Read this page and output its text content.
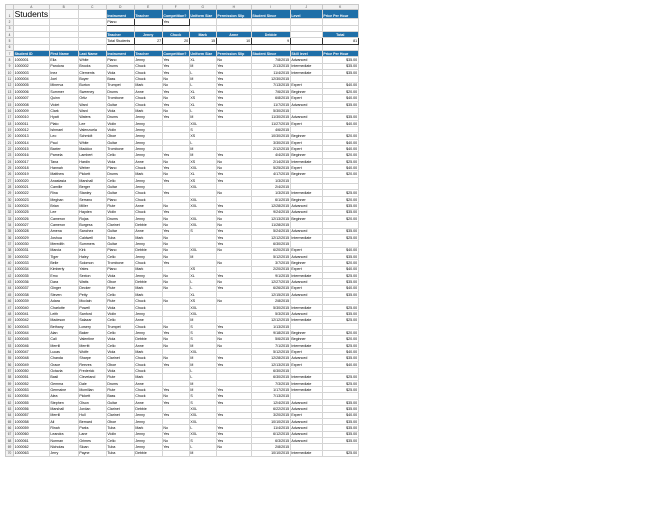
	A	B	C	D	E	F	G	H	I	J	K
1	Students			Instrument	Teacher	Competition?	Uniform Size	Permission Slip	Student Since	Level	Price Per Hour
2				Piano		Yes					
3											
4				Teacher	Jenny	Chuck	Mark	Anne	Debbie		Total
5				Total Students	27	20	15	10	9		81
6											
7	Student ID	First Name	Last Name	Instrument	Teacher	Competition?	Uniform Size	Permission Slip	Student Since	Skill level	Price Per Hour
8	1000001	Ella	White	Piano	Jenny	Yes	XL	No	7/8/2015	Advanced	$35.00
9	1000002	Pandora	Brooks	Drums	Chuck	Yes	M	Yes	2/13/2015	Intermediate	$35.00
10	1000003	Inez	Clements	Viola	Chuck	Yes	L	Yes	11/4/2015	Intermediate	$35.00
11	1000004	Joel	Boyer	Bass	Chuck	No	M	Yes	12/30/2015		
12	1000005	Minerva	Burton	Trumpet	Mark	No	L	Yes	7/13/2015	Expert	$40.00
13	1000006	Summer	Sweeney	Drums	Anne	Yes	XL	Yes	7/6/2015	Beginner	$20.00
14	1000007	Quinn	Ortiz	Trombone	Chuck	No	XS	Yes	6/8/2015	Expert	$40.00
15	1000008	Violet	Ward	Guitar	Chuck	Yes	XL	Yes	11/7/2015	Advanced	$35.00
16	1000009	Clark	Ward	Viola	Mark	No	L	Yes	5/30/2015		
17	1000010	Hyatt	Waters	Drums	Jenny	Yes	M	Yes	11/30/2015	Advanced	$35.00
18	1000011	Plato	Lee	Violin	Jenny		XXL		11/27/2015	Expert	$40.00
19	1000012	Ishmael	Valenzuela	Violin	Jenny		S		4/6/2015		
20	1000013	Leo	Schmidt	Oboe	Jenny		XS		10/30/2015	Beginner	$20.00
21	1000014	Paul	White	Guitar	Jenny		L		3/30/2015	Expert	$40.00
22	1000015	Baxter	Maddox	Trombone	Jenny		M		2/12/2015	Expert	$40.00
23	1000016	Pamela	Lambert	Cello	Jenny	Yes	M	Yes	4/4/2015	Beginner	$20.00
24	1000017	Tana	Hardin	Viola	Anne	No	XS	No	2/14/2015	Intermediate	$25.00
25	1000018	Hannah	Weber	Piano	Chuck	Yes	XXL	No	5/25/2015	Expert	$40.00
26	1000019	Matthew	Pickett	Drums	Mark	No	XL	Yes	4/17/2015	Beginner	$20.00
27	1000020	Anastasia	Marshall	Cello	Jenny	Yes	XS	Yes	1/3/2015		
28	1000021	Camille	Berger	Guitar	Jenny		XXL		2/4/2015		
29	1000022	Rina	Stanley	Guitar	Chuck	Yes		No	1/3/2015	Intermediate	$25.00
30	1000023	Meghan	Serrano	Piano	Chuck		XXL		6/1/2015	Beginner	$20.00
31	1000024	Brian	Miller	Flute	Anne	No	XXL	Yes	12/28/2015	Advanced	$35.00
32	1000025	Lee	Hayden	Violin	Chuck	Yes		Yes	9/24/2015	Advanced	$35.00
33	1000026	Cameron	Rojas	Drums	Jenny	No	XXL	No	12/13/2015	Beginner	$20.00
34	1000027	Cameron	Burgess	Clarinet	Debbie	No	XXL	No	11/28/2015		
35	1000028	Amena	Sanchez	Guitar	Anne	Yes	S	Yes	5/24/2015	Advanced	$35.00
36	1000029	Joshua	Caldwell	Tuba	Mark	No		Yes	12/12/2015	Intermediate	$25.00
37	1000030	Meredith	Summers	Guitar	Jenny	No		Yes	6/30/2015		
38	1000031	Marcia	Kirk	Piano	Debbie	No	XXL	No	6/20/2015	Expert	$40.00
39	1000032	Tiger	Haley	Cello	Jenny	No	M		5/12/2015	Advanced	$35.00
40	1000033	Belle	Solomon	Trombone	Chuck	Yes		No	3/7/2015	Beginner	$20.00
41	1000034	Kimberly	Yates	Piano	Mark		XS		2/20/2015	Expert	$40.00
42	1000035	Emo	Sexton	Viola	Jenny	No	XL	Yes	9/1/2015	Intermediate	$25.00
43	1000036	Dara	Watts	Oboe	Debbie	No	L	No	12/27/2015	Advanced	$35.00
44	1000037	Ginger	Decker	Flute	Mark	No	L	Yes	6/26/2015	Expert	$40.00
45	1000038	Steven	Petty	Cello	Mark		XL		12/15/2015	Advanced	$35.00
46	1000039	Adara	Mcclain	Flute	Chuck	No	XS	No	2/8/2015		
47	1000040	Charlotte	Powell	Viola	Chuck		XXL		5/30/2015	Intermediate	$25.00
48	1000041	Leith	Sanford	Violin	Jenny		XXL		5/3/2015	Advanced	$35.00
49	1000042	Madeson	Salazar	Cello	Anne		M		12/12/2015	Intermediate	$25.00
50	1000043	Bethany	Lowery	Trumpet	Chuck	No	S	Yes	1/13/2015		
51	1000044	Alan	Baker	Cello	Jenny	Yes	S	Yes	9/18/2015	Beginner	$20.00
52	1000045	Cali	Valentine	Viola	Debbie	No	S	No	5/6/2015	Beginner	$20.00
53	1000046	Merrill	Merritt	Cello	Anne	No	M	No	7/1/2015	Intermediate	$25.00
54	1000047	Lucas	Wolfe	Viola	Mark		XXL		5/12/2015	Expert	$40.00
55	1000048	Chanda	Sharpe	Clarinet	Chuck	No	M	Yes	12/28/2015	Advanced	$35.00
56	1000049	Grace	Reeves	Oboe	Chuck	Yes	M	Yes	12/13/2015	Expert	$40.00
57	1000050	Octavia	Frederick	Viola	Chuck		L		6/30/2015		
58	1000051	Basil	Cleveland	Flute	Mark		L		6/30/2015	Intermediate	$25.00
59	1000052	Gemma	Dale	Drums	Anne		M		7/3/2015	Intermediate	$25.00
60	1000053	Germaine	Mcmillan	Flute	Chuck	Yes	M	Yes	1/17/2015	Intermediate	$25.00
61	1000054	Alea	Pickett	Bass	Chuck	No	S	Yes	7/13/2015		
62	1000055	Stephen	Olson	Guitar	Anne	Yes	S	Yes	12/4/2015	Advanced	$35.00
63	1000056	Marshall	Jordan	Clarinet	Debbie		XXL		6/22/2015	Advanced	$35.00
64	1000057	Merrill	Hull	Clarinet	Jenny	Yes	XXL	Yes	3/20/2015	Expert	$40.00
65	1000058	Ali	Bernard	Oboe	Jenny		XXL		10/10/2015	Advanced	$35.00
66	1000059	Rinah	Parks	Tuba	Mark	No	L	Yes	11/4/2015	Advanced	$35.00
67	1000060	Leandra	Lane	Violin	Jenny	Yes	XXL	Yes	6/12/2015	Advanced	$35.00
68	1000061	Norman	Grimes	Cello	Jenny	No	S	Yes	6/3/2015	Advanced	$35.00
69	1000062	Nicholas	Sloan	Tuba	Jenny	Yes	L	No	2/8/2015		
70	1000063	Jerry	Payne	Tuba	Debbie		M		10/10/2015	Intermediate	$25.00
